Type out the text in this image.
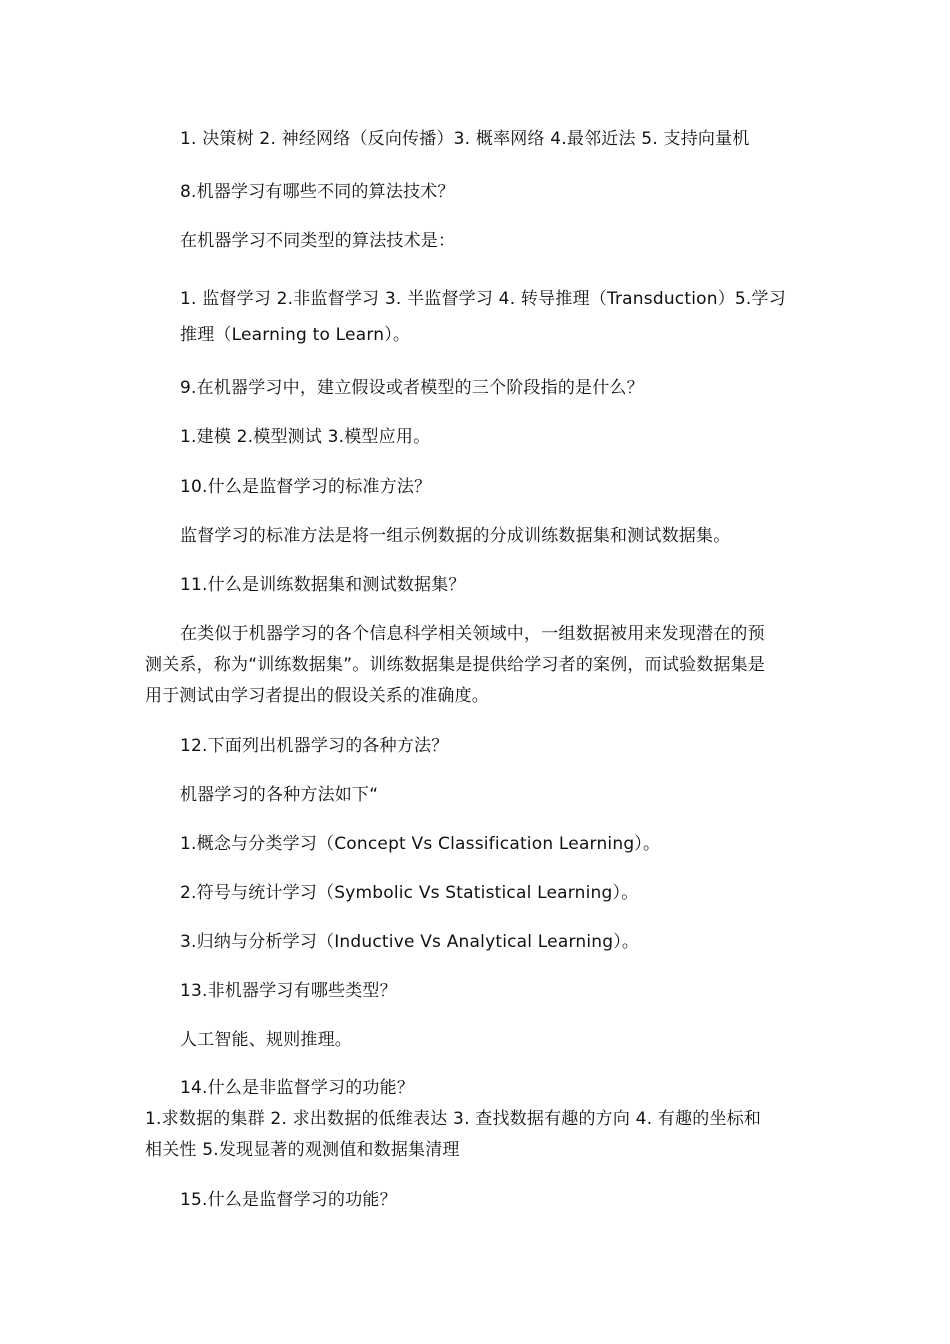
1. 决策树 2. 神经网络（反向传播）3. 概率网络 4.最邻近法 5. 支持向量机
8.机器学习有哪些不同的算法技术？
在机器学习不同类型的算法技术是：
1. 监督学习 2.非监督学习 3. 半监督学习 4. 转导推理（Transduction）5.学习
推理（Learning to Learn）。
9.在机器学习中，建立假设或者模型的三个阶段指的是什么？
1.建模 2.模型测试 3.模型应用。
10.什么是监督学习的标准方法？
监督学习的标准方法是将一组示例数据的分成训练数据集和测试数据集。
11.什么是训练数据集和测试数据集？
在类似于机器学习的各个信息科学相关领域中，一组数据被用来发现潜在的预
测关系，称为“训练数据集”。训练数据集是提供给学习者的案例，而试验数据集是
用于测试由学习者提出的假设关系的准确度。
12.下面列出机器学习的各种方法？
机器学习的各种方法如下“
1.概念与分类学习（Concept Vs Classification Learning）。
2.符号与统计学习（Symbolic Vs Statistical Learning）。
3.归纳与分析学习（Inductive Vs Analytical Learning）。
13.非机器学习有哪些类型？
人工智能、规则推理。
14.什么是非监督学习的功能？
1.求数据的集群 2. 求出数据的低维表达 3. 查找数据有趣的方向 4. 有趣的坐标和
相关性 5.发现显著的观测值和数据集清理
15.什么是监督学习的功能？
